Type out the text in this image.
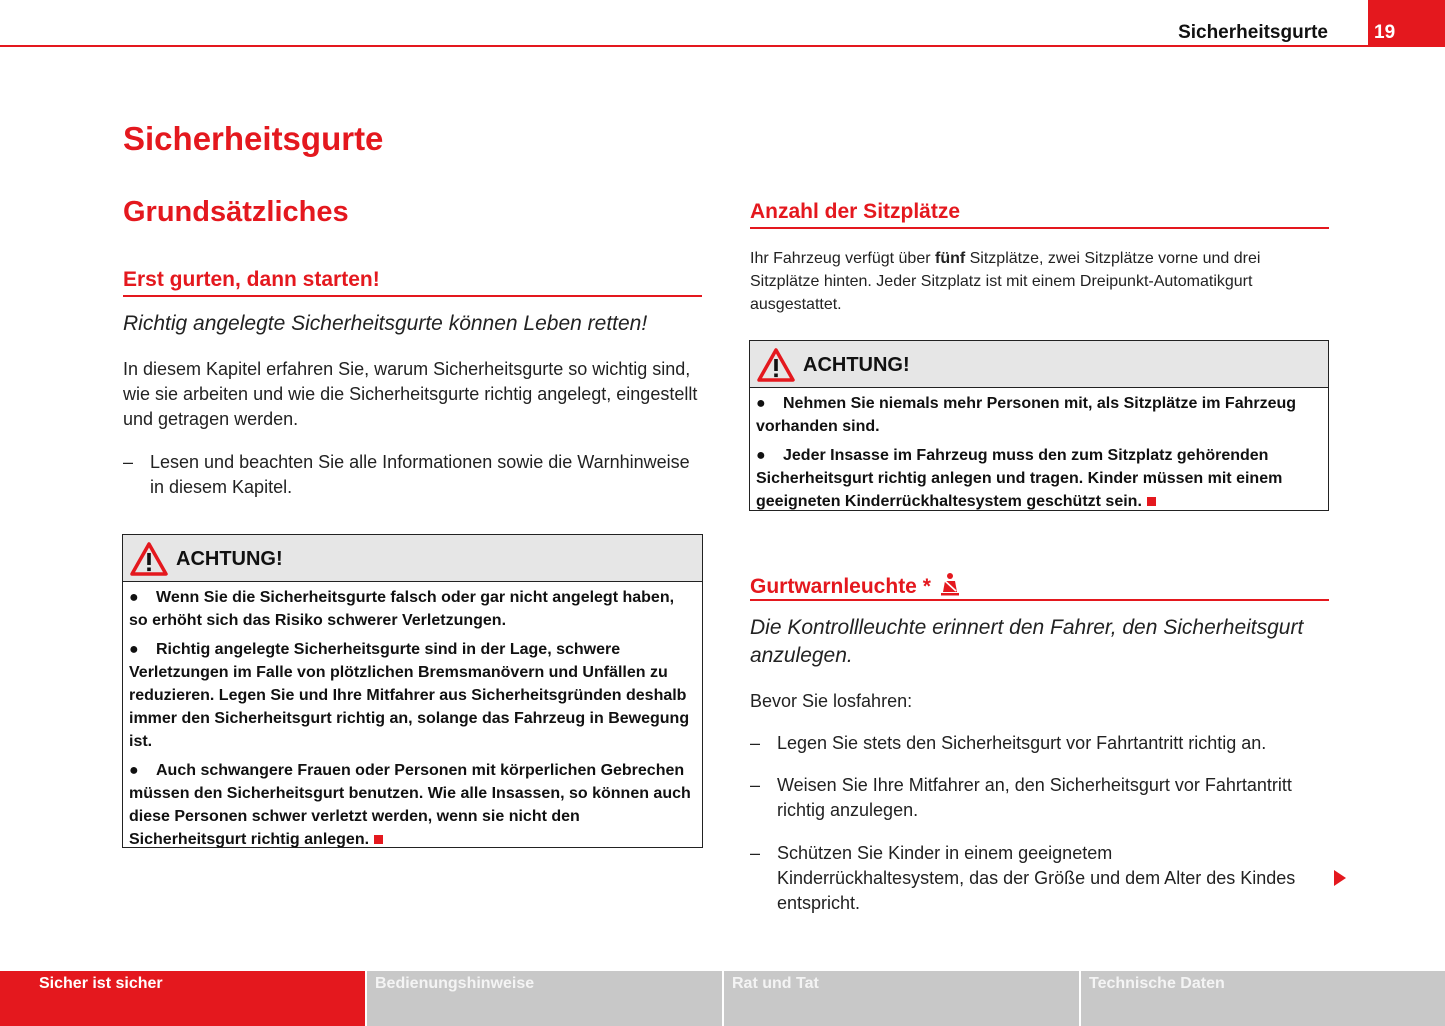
Sicherheitsgurte	19
Sicherheitsgurte
Grundsätzliches
Erst gurten, dann starten!
Richtig angelegte Sicherheitsgurte können Leben retten!
In diesem Kapitel erfahren Sie, warum Sicherheitsgurte so wichtig sind, wie sie arbeiten und wie die Sicherheitsgurte richtig angelegt, eingestellt und getragen werden.
– Lesen und beachten Sie alle Informationen sowie die Warnhinweise in diesem Kapitel.
ACHTUNG!
● Wenn Sie die Sicherheitsgurte falsch oder gar nicht angelegt haben, so erhöht sich das Risiko schwerer Verletzungen.
● Richtig angelegte Sicherheitsgurte sind in der Lage, schwere Verletzungen im Falle von plötzlichen Bremsmanövern und Unfällen zu reduzieren. Legen Sie und Ihre Mitfahrer aus Sicherheitsgründen deshalb immer den Sicherheitsgurt richtig an, solange das Fahrzeug in Bewegung ist.
● Auch schwangere Frauen oder Personen mit körperlichen Gebrechen müssen den Sicherheitsgurt benutzen. Wie alle Insassen, so können auch diese Personen schwer verletzt werden, wenn sie nicht den Sicherheitsgurt richtig anlegen.
Anzahl der Sitzplätze
Ihr Fahrzeug verfügt über fünf Sitzplätze, zwei Sitzplätze vorne und drei Sitzplätze hinten. Jeder Sitzplatz ist mit einem Dreipunkt-Automatikgurt ausgestattet.
ACHTUNG!
● Nehmen Sie niemals mehr Personen mit, als Sitzplätze im Fahrzeug vorhanden sind.
● Jeder Insasse im Fahrzeug muss den zum Sitzplatz gehörenden Sicherheitsgurt richtig anlegen und tragen. Kinder müssen mit einem geeigneten Kinderrückhaltesystem geschützt sein.
Gurtwarnleuchte *
Die Kontrollleuchte erinnert den Fahrer, den Sicherheitsgurt anzulegen.
Bevor Sie losfahren:
– Legen Sie stets den Sicherheitsgurt vor Fahrtantritt richtig an.
– Weisen Sie Ihre Mitfahrer an, den Sicherheitsgurt vor Fahrtantritt richtig anzulegen.
– Schützen Sie Kinder in einem geeignetem Kinderrückhaltesystem, das der Größe und dem Alter des Kindes entspricht.
Sicher ist sicher	Bedienungshinweise	Rat und Tat	Technische Daten
